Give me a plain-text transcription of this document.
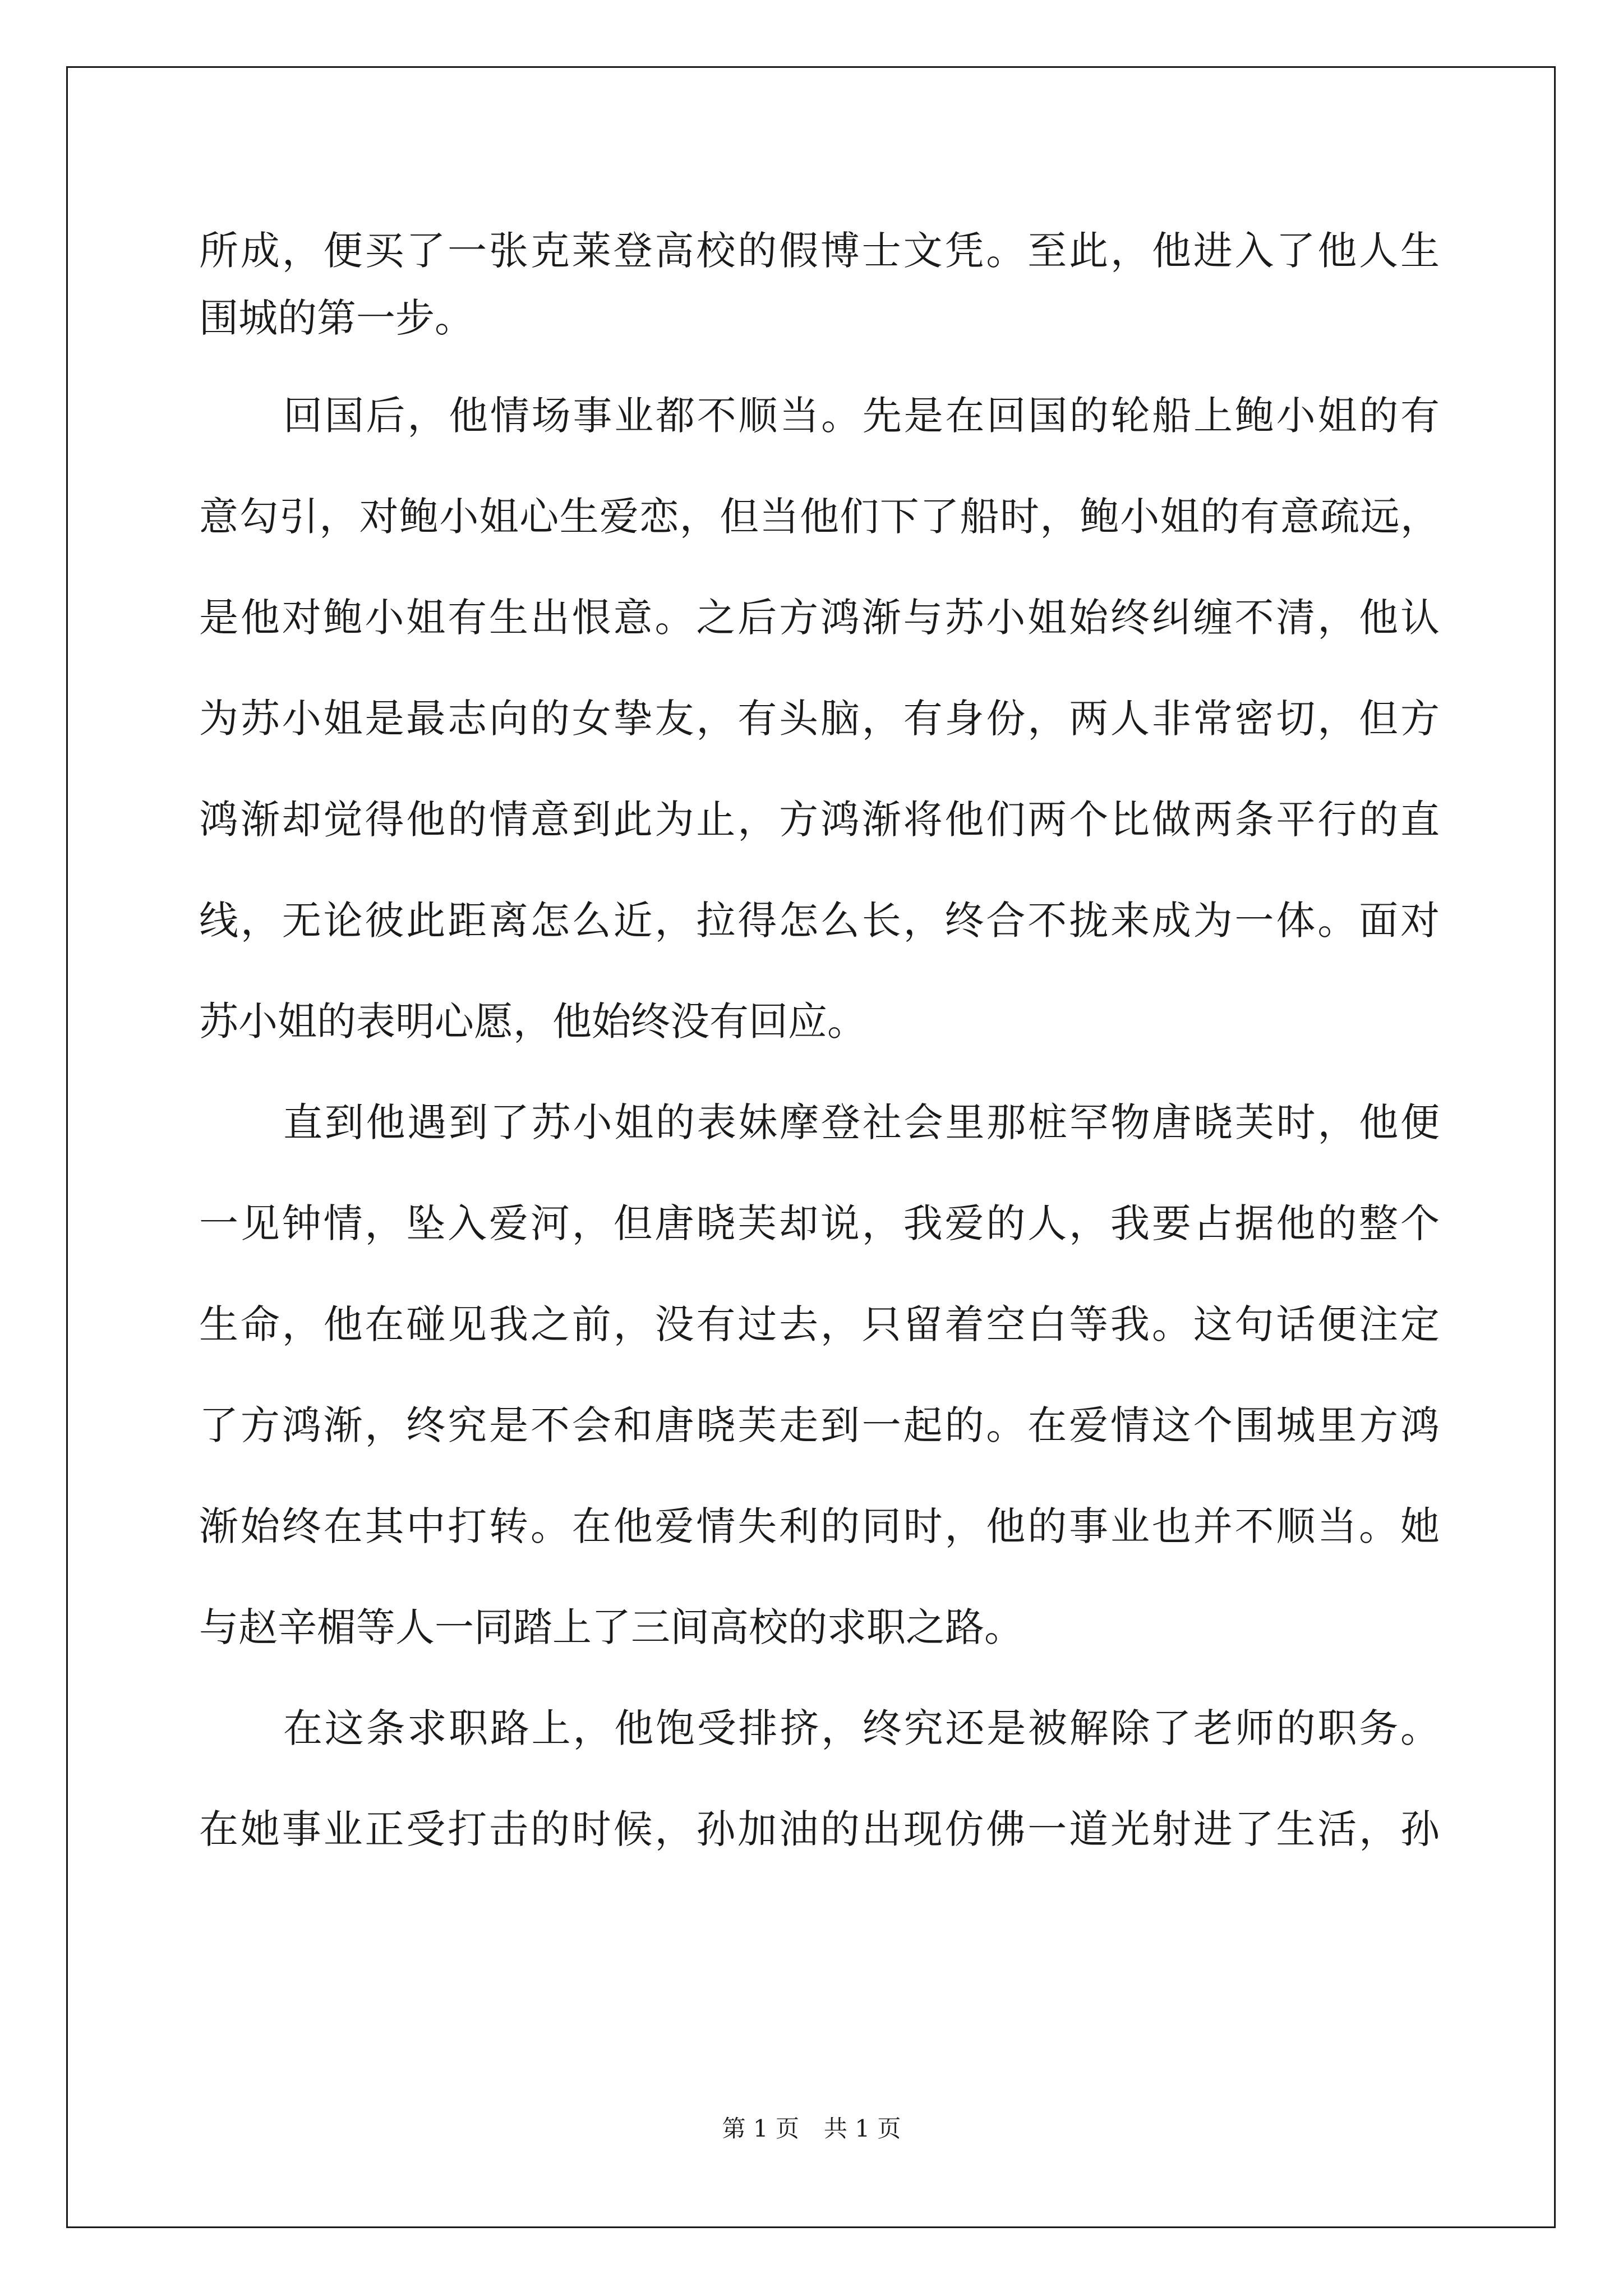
所成，便买了一张克莱登高校的假博士文凭。至此，他进入了他人生
围城的第一步。
回国后，他情场事业都不顺当。先是在回国的轮船上鲍小姐的有
意勾引，对鲍小姐心生爱恋，但当他们下了船时，鲍小姐的有意疏远，
是他对鲍小姐有生出恨意。之后方鸿渐与苏小姐始终纠缠不清，他认
为苏小姐是最志向的女挚友，有头脑，有身份，两人非常密切，但方
鸿渐却觉得他的情意到此为止，方鸿渐将他们两个比做两条平行的直
线，无论彼此距离怎么近，拉得怎么长，终合不拢来成为一体。面对
苏小姐的表明心愿，他始终没有回应。
直到他遇到了苏小姐的表妹摩登社会里那桩罕物唐晓芙时，他便
一见钟情，坠入爱河，但唐晓芙却说，我爱的人，我要占据他的整个
生命，他在碰见我之前，没有过去，只留着空白等我。这句话便注定
了方鸿渐，终究是不会和唐晓芙走到一起的。在爱情这个围城里方鸿
渐始终在其中打转。在他爱情失利的同时，他的事业也并不顺当。她
与赵辛楣等人一同踏上了三间高校的求职之路。
在这条求职路上，他饱受排挤，终究还是被解除了老师的职务。
在她事业正受打击的时候，孙加油的出现仿佛一道光射进了生活，孙
第 1 页 共 1 页
